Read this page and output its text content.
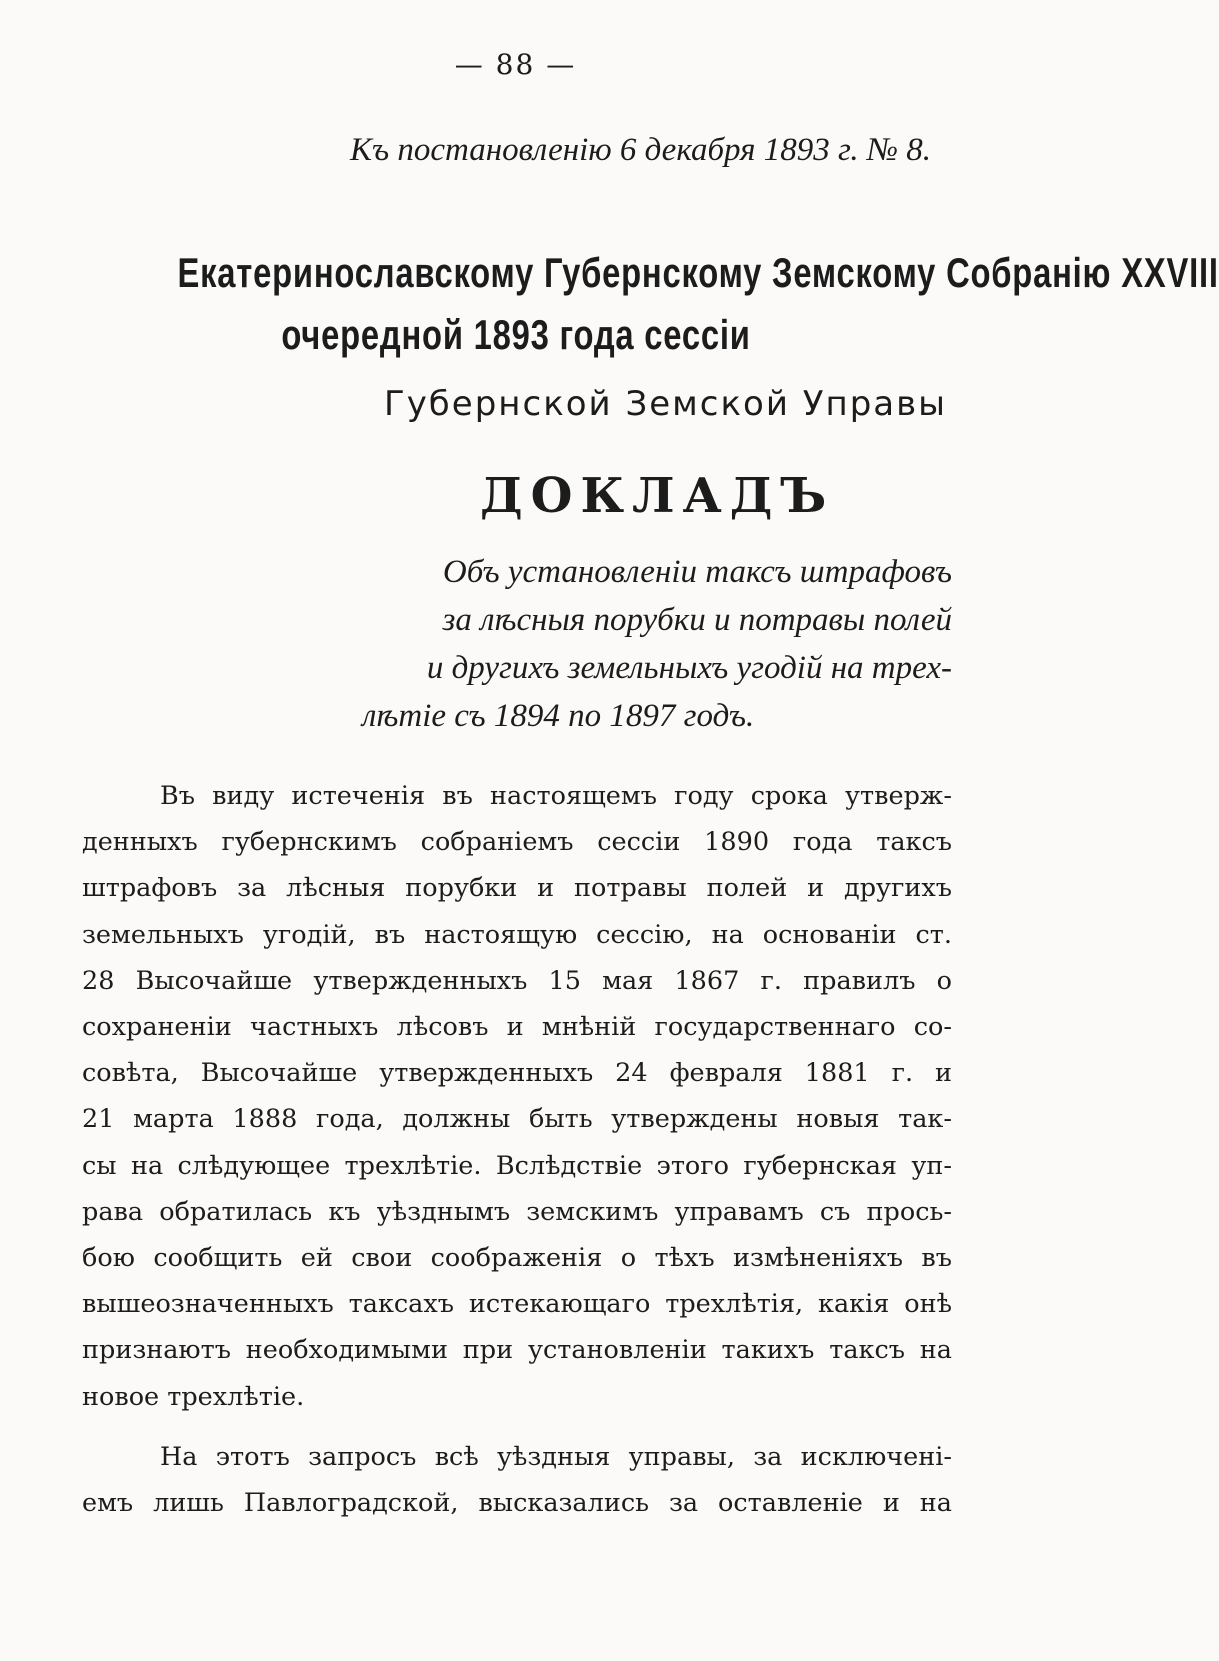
— 88 —
Къ постановленію 6 декабря 1893 г. № 8.
Екатеринославскому Губернскому Земскому Собранію XXVIII
очередной 1893 года сессіи
Губернской Земской Управы
ДОКЛАДЪ
Объ установленіи таксъ штрафовъ
за лѣсныя порубки и потравы полей
и другихъ земельныхъ угодій на трех-
лѣтіе съ 1894 по 1897 годъ.
Въ виду истеченія въ настоящемъ году срока утверж-
денныхъ губернскимъ собраніемъ сессіи 1890 года таксъ
штрафовъ за лѣсныя порубки и потравы полей и другихъ
земельныхъ угодій, въ настоящую сессію, на основаніи ст.
28 Высочайше утвержденныхъ 15 мая 1867 г. правилъ о
сохраненіи частныхъ лѣсовъ и мнѣній государственнаго со-
совѣта, Высочайше утвержденныхъ 24 февраля 1881 г. и
21 марта 1888 года, должны быть утверждены новыя так-
сы на слѣдующее трехлѣтіе. Вслѣдствіе этого губернская уп-
рава обратилась къ уѣзднымъ земскимъ управамъ съ прось-
бою сообщить ей свои соображенія о тѣхъ измѣненіяхъ въ
вышеозначенныхъ таксахъ истекающаго трехлѣтія, какія онѣ
признаютъ необходимыми при установленіи такихъ таксъ на
новое трехлѣтіе.
На этотъ запросъ всѣ уѣздныя управы, за исключені-
емъ лишь Павлоградской, высказались за оставленіе и на
